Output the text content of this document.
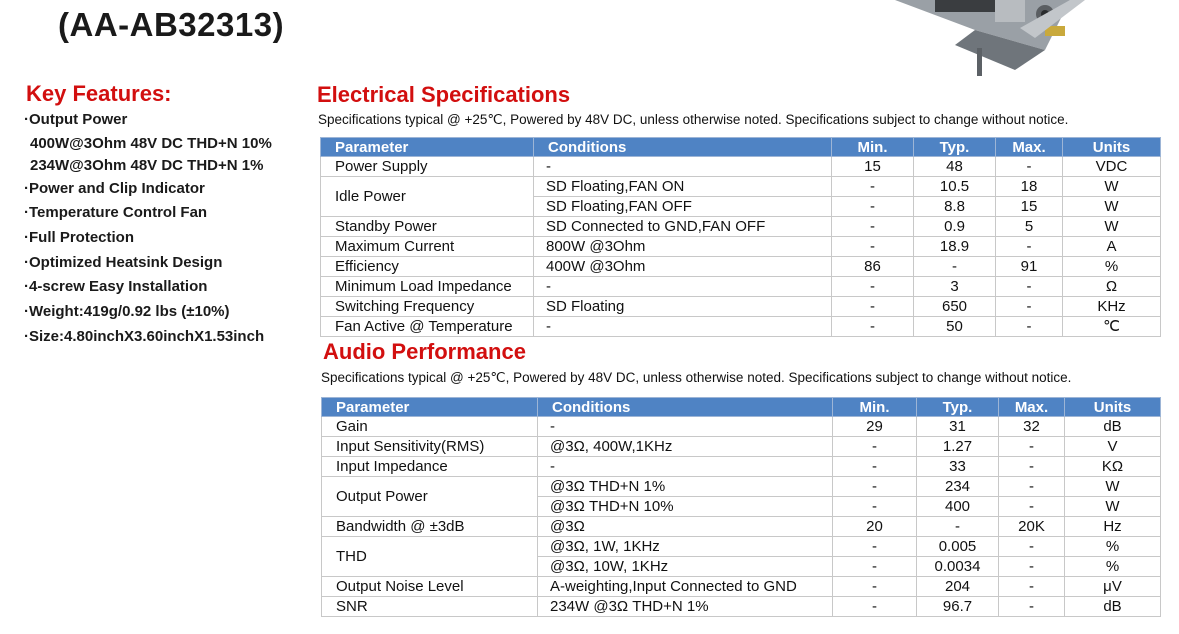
(AA-AB32313)
Key Features:
·Output Power
400W@3Ohm 48V DC THD+N 10%
234W@3Ohm 48V DC THD+N 1%
·Power and Clip Indicator
·Temperature Control Fan
·Full Protection
·Optimized Heatsink Design
·4-screw Easy Installation
·Weight:419g/0.92 lbs (±10%)
·Size:4.80inchX3.60inchX1.53inch
Electrical Specifications
Specifications typical @ +25℃, Powered by 48V DC, unless otherwise noted. Specifications subject to change without notice.
Parameter	Conditions	Min.	Typ.	Max.	Units
Power Supply	-	15	48	-	VDC
Idle Power	SD Floating,FAN ON	-	10.5	18	W
	SD Floating,FAN OFF	-	8.8	15	W
Standby Power	SD Connected to GND,FAN OFF	-	0.9	5	W
Maximum Current	800W @3Ohm	-	18.9	-	A
Efficiency	400W @3Ohm	86	-	91	%
Minimum Load Impedance	-	-	3	-	Ω
Switching Frequency	SD Floating	-	650	-	KHz
Fan Active @ Temperature	-	-	50	-	℃
Audio Performance
Specifications typical @ +25℃, Powered by 48V DC, unless otherwise noted. Specifications subject to change without notice.
Parameter	Conditions	Min.	Typ.	Max.	Units
Gain	-	29	31	32	dB
Input Sensitivity(RMS)	@3Ω, 400W,1KHz	-	1.27	-	V
Input Impedance	-	-	33	-	KΩ
Output Power	@3Ω THD+N 1%	-	234	-	W
	@3Ω THD+N 10%	-	400	-	W
Bandwidth @ ±3dB	@3Ω	20	-	20K	Hz
THD	@3Ω, 1W, 1KHz	-	0.005	-	%
	@3Ω, 10W, 1KHz	-	0.0034	-	%
Output Noise Level	A-weighting,Input Connected to GND	-	204	-	μV
SNR	234W @3Ω THD+N 1%	-	96.7	-	dB
